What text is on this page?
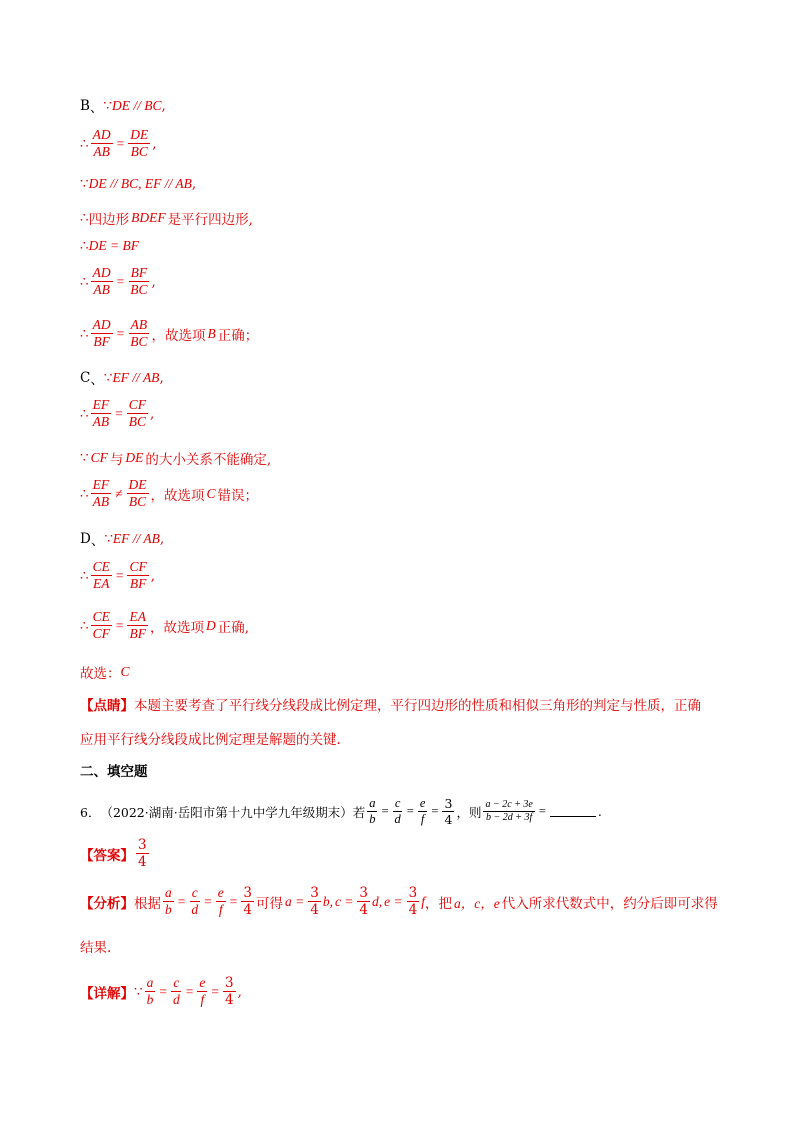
B 、 ∵ DE // BC ,
∴ $\frac{AD}{AB} = \frac{DE}{BC}$ ,
∵ DE // BC, EF // AB ,
∴ 四边形 BDEF 是平行四边形,
∴ DE = BF
∴ $\frac{AD}{AB} = \frac{BF}{BC}$ ,
∴ $\frac{AD}{BF} = \frac{AB}{BC}$ ，故选项 B 正确；
C 、 ∵ EF // AB ,
∴ $\frac{EF}{AB} = \frac{CF}{BC}$ ,
∵ CF 与 DE 的大小关系不能确定,
∴ $\frac{EF}{AB} \ne \frac{DE}{BC}$ ，故选项 C 错误；
D 、 ∵ EF // AB ,
∴ $\frac{CE}{EA} = \frac{CF}{BF}$ ,
∴ $\frac{CE}{CF} = \frac{EA}{BF}$ ，故选项 D 正确,
故选： C
【点睛】 本题主要考查了平行线分线段成比例定理，平行四边形的性质和相似三角形的判定与性质，正确
应用平行线分线段成比例定理是解题的关键.
二、填空题
6． （2022·湖南·岳阳市第十九中学九年级期末） 若 $\frac{a}{b} = \frac{c}{d} = \frac{e}{f} = \frac{3}{4}$ ，则 $\frac{a - 2c + 3e}{b - 2d + 3f}$ =	.
【答案】 $\frac{3}{4}$
【分析】 根据 $\frac{a}{b} = \frac{c}{d} = \frac{e}{f} = \frac{3}{4}$ 可得 $a = \frac{3}{4} b$, $c = \frac{3}{4} d$, $e = \frac{3}{4}$ f ，把 a，c，e 代入所求代数式中，约分后即可求得
结果.
【详解】 ∵ $\frac{a}{b} = \frac{c}{d} = \frac{e}{f} = \frac{3}{4}$ ,
